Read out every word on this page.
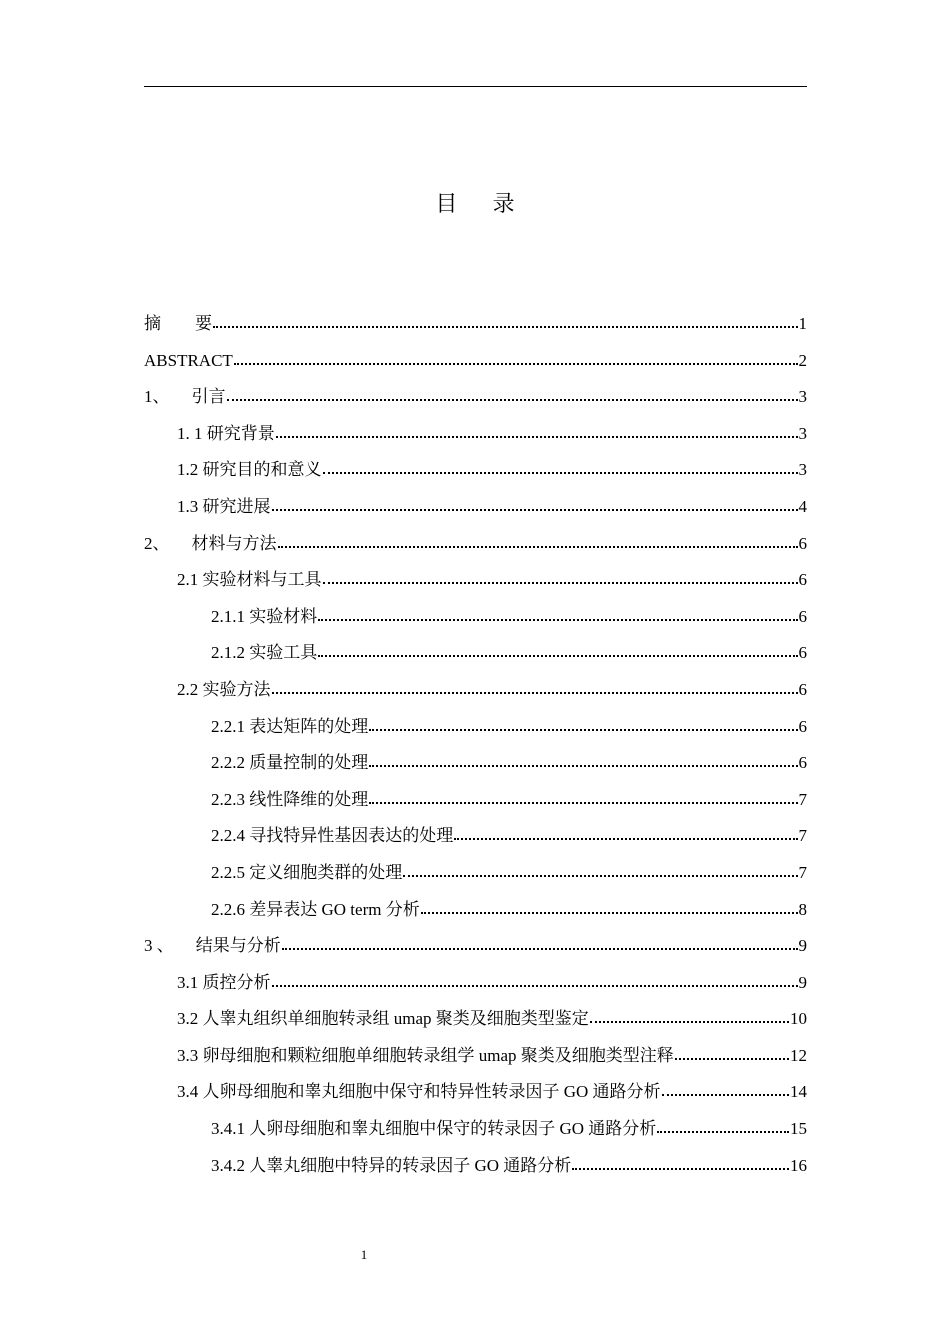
目录
摘　　要	1
ABSTRACT	2
1、 引言	3
1. 1 研究背景	3
1.2 研究目的和意义	3
1.3 研究进展	4
2、 材料与方法	6
2.1 实验材料与工具	6
2.1.1 实验材料	6
2.1.2 实验工具	6
2.2 实验方法	6
2.2.1 表达矩阵的处理	6
2.2.2 质量控制的处理	6
2.2.3 线性降维的处理	7
2.2.4 寻找特异性基因表达的处理	7
2.2.5 定义细胞类群的处理	7
2.2.6 差异表达 GO term 分析	8
3 、 结果与分析	9
3.1 质控分析	9
3.2 人睾丸组织单细胞转录组 umap 聚类及细胞类型鉴定	10
3.3 卵母细胞和颗粒细胞单细胞转录组学 umap 聚类及细胞类型注释	12
3.4 人卵母细胞和睾丸细胞中保守和特异性转录因子 GO 通路分析	14
3.4.1 人卵母细胞和睾丸细胞中保守的转录因子 GO 通路分析	15
3.4.2 人睾丸细胞中特异的转录因子 GO 通路分析	16
1
